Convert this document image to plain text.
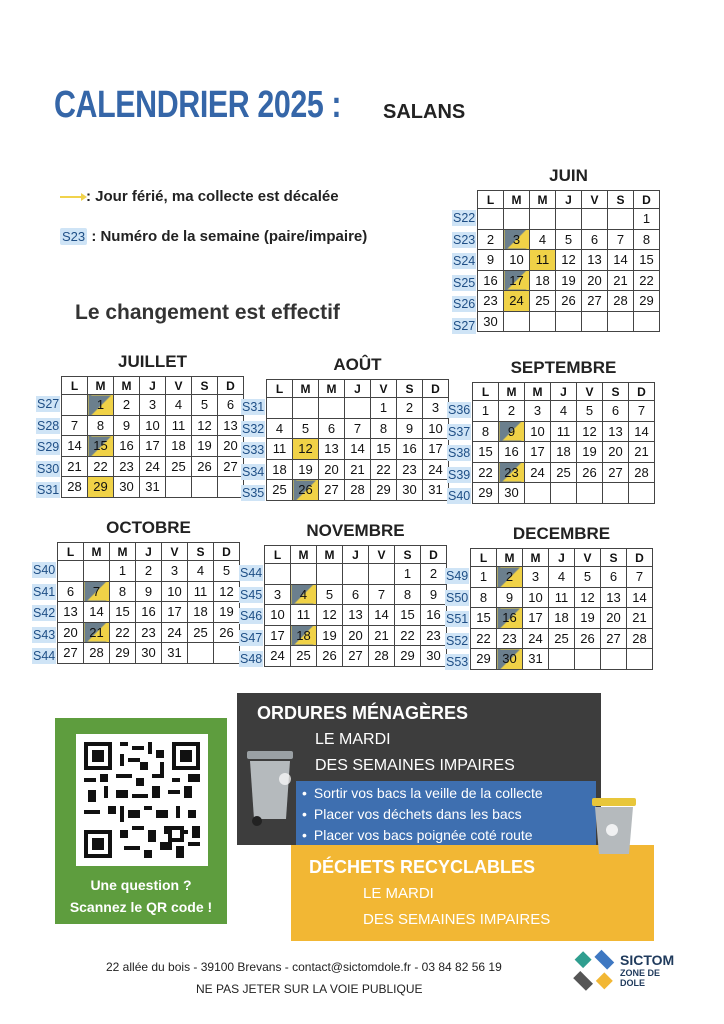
CALENDRIER 2025 : SALANS
: Jour férié, ma collecte est décalée
S23 : Numéro de la semaine (paire/impaire)
Le changement est effectif
JUIN
L	M	M	J	V	S	D
						1
2	3	4	5	6	7	8
9	10	11	12	13	14	15
16	17	18	19	20	21	22
23	24	25	26	27	28	29
30						
S22
S23
S24
S25
S26
S27
JUILLET
L	M	M	J	V	S	D
	1	2	3	4	5	6
7	8	9	10	11	12	13
14	15	16	17	18	19	20
21	22	23	24	25	26	27
28	29	30	31			
S27
S28
S29
S30
S31
AOÛT
L	M	M	J	V	S	D
				1	2	3
4	5	6	7	8	9	10
11	12	13	14	15	16	17
18	19	20	21	22	23	24
25	26	27	28	29	30	31
S31
S32
S33
S34
S35
SEPTEMBRE
L	M	M	J	V	S	D
1	2	3	4	5	6	7
8	9	10	11	12	13	14
15	16	17	18	19	20	21
22	23	24	25	26	27	28
29	30					
S36
S37
S38
S39
S40
OCTOBRE
L	M	M	J	V	S	D
		1	2	3	4	5
6	7	8	9	10	11	12
13	14	15	16	17	18	19
20	21	22	23	24	25	26
27	28	29	30	31		
S40
S41
S42
S43
S44
NOVEMBRE
L	M	M	J	V	S	D
					1	2
3	4	5	6	7	8	9
10	11	12	13	14	15	16
17	18	19	20	21	22	23
24	25	26	27	28	29	30
S44
S45
S46
S47
S48
DECEMBRE
L	M	M	J	V	S	D
1	2	3	4	5	6	7
8	9	10	11	12	13	14
15	16	17	18	19	20	21
22	23	24	25	26	27	28
29	30	31				
S49
S50
S51
S52
S53
Une question ?
Scannez le QR code !
ORDURES MÉNAGÈRES
LE MARDI
DES SEMAINES IMPAIRES
• Sortir vos bacs la veille de la collecte
• Placer vos déchets dans les bacs
• Placer vos bacs poignée coté route
DÉCHETS RECYCLABLES
LE MARDI
DES SEMAINES IMPAIRES
22 allée du bois - 39100 Brevans - contact@sictomdole.fr - 03 84 82 56 19
NE PAS JETER SUR LA VOIE PUBLIQUE
SICTOM
ZONE DE DOLE
